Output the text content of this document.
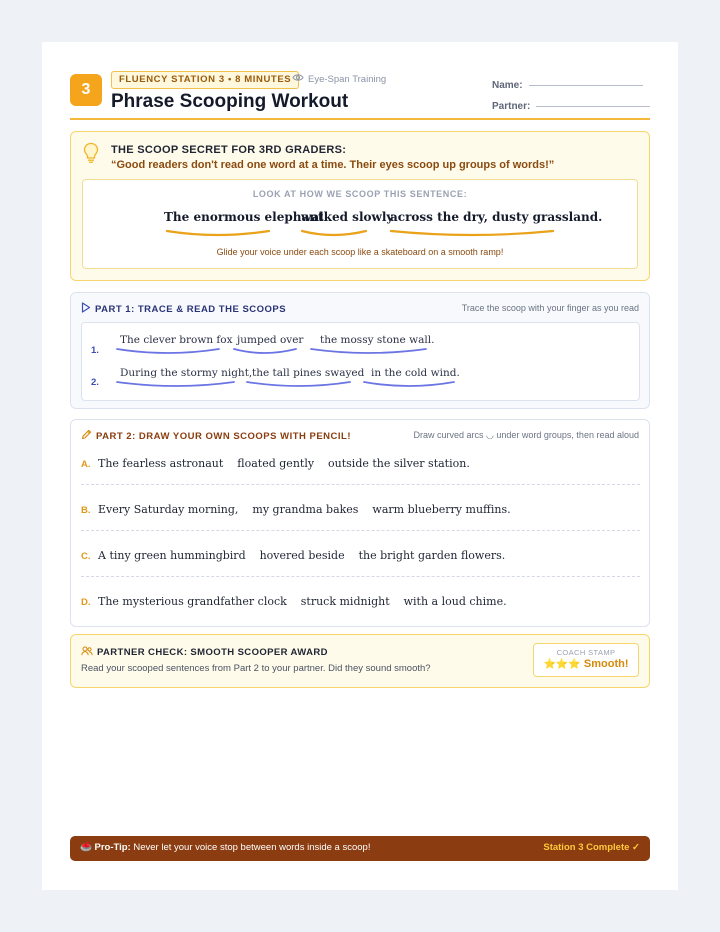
3
FLUENCY STATION 3 • 8 MINUTES	Eye-Span Training
Phrase Scooping Workout
Name:
Partner:
THE SCOOP SECRET FOR 3RD GRADERS:
“Good readers don't read one word at a time. Their eyes scoop up groups of words!”
LOOK AT HOW WE SCOOP THIS SENTENCE:
The enormous elephant
walked slowly
across the dry, dusty grassland.
Glide your voice under each scoop like a skateboard on a smooth ramp!
PART 1: TRACE & READ THE SCOOPS	Trace the scoop with your finger as you read
1.
The clever brown fox jumped over the mossy stone wall.
2.
During the stormy night, the tall pines swayed in the cold wind.
PART 2: DRAW YOUR OWN SCOOPS WITH PENCIL!	Draw curved arcs ◡ under word groups, then read aloud
A. The fearless astronaut    floated gently    outside the silver station.
B. Every Saturday morning,    my grandma bakes    warm blueberry muffins.
C. A tiny green hummingbird    hovered beside    the bright garden flowers.
D. The mysterious grandfather clock    struck midnight    with a loud chime.
PARTNER CHECK: SMOOTH SCOOPER AWARD
Read your scooped sentences from Part 2 to your partner. Did they sound smooth?
COACH STAMP
⭐⭐⭐ Smooth!
🥌 Pro-Tip: Never let your voice stop between words inside a scoop!	Station 3 Complete ✓
